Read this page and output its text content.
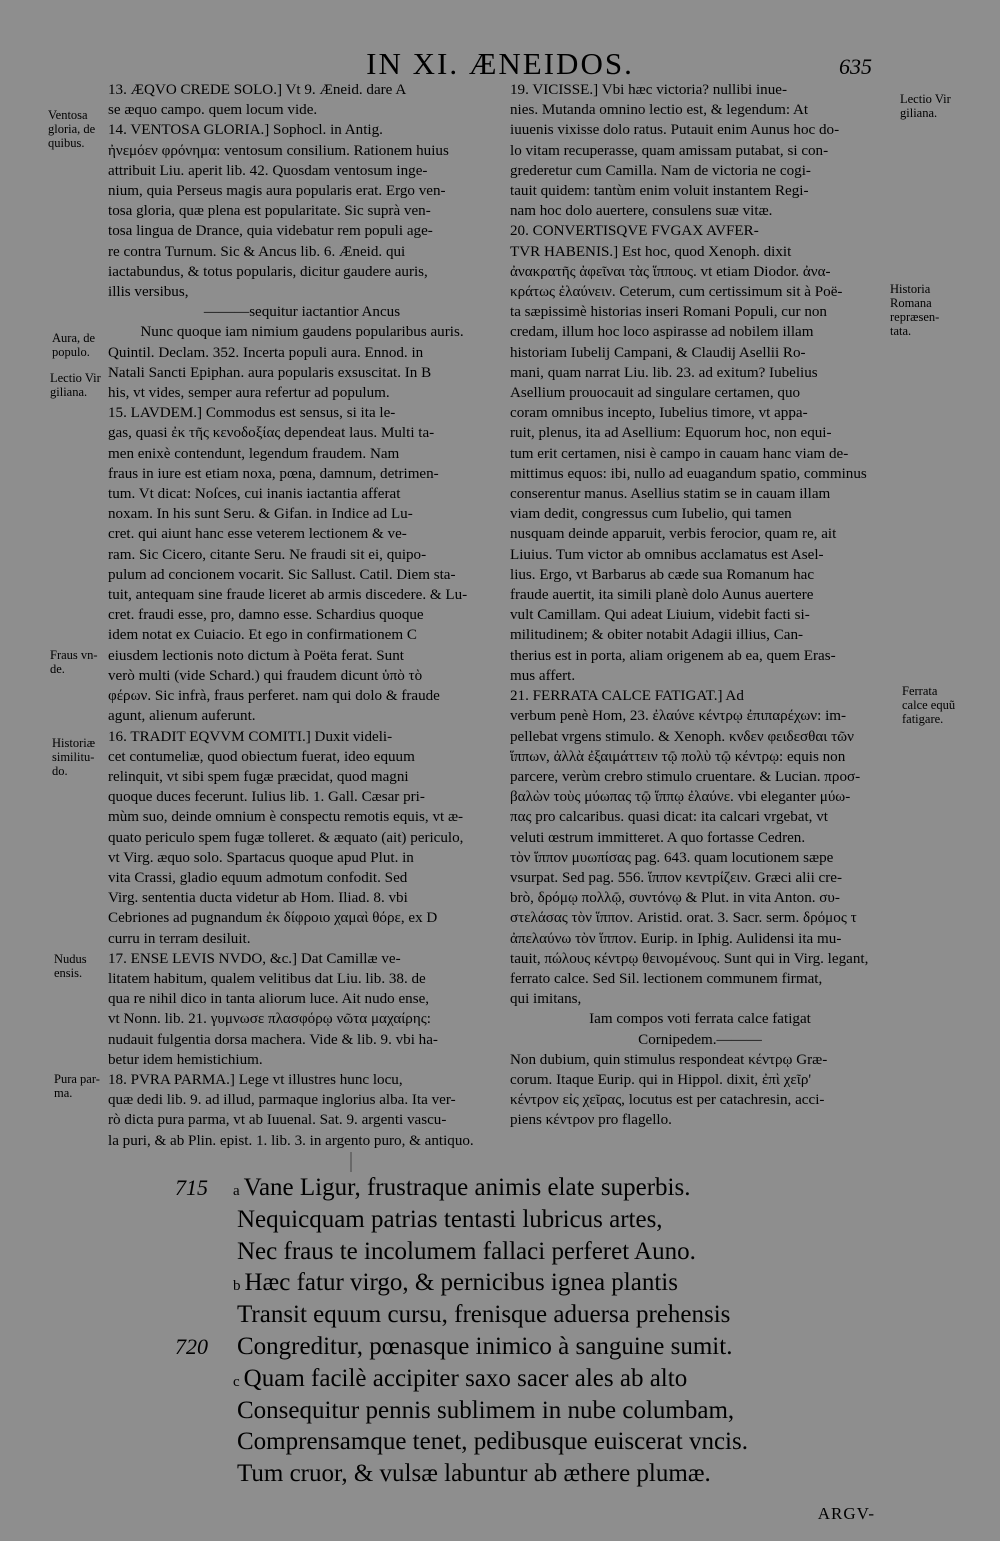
IN XI. ÆNEIDOS.	635

13. ÆQVO CREDE SOLO.] Vt 9. Æneid. dare A

se æquo campo. quem locum vide.

14. VENTOSA GLORIA.] Sophocl. in Antig.

ἠνεμόεν φρόνημα: ventosum consilium. Rationem huius

attribuit Liu. aperit lib. 42. Quosdam ventosum inge-

nium, quia Perseus magis aura popularis erat. Ergo ven-

tosa gloria, quæ plena est popularitate. Sic suprà ven-

tosa lingua de Drance, quia videbatur rem populi age-

re contra Turnum. Sic & Ancus lib. 6. Æneid. qui

iactabundus, & totus popularis, dicitur gaudere auris,

illis versibus,

———sequitur iactantior Ancus

Nunc quoque iam nimium gaudens popularibus auris.

Quintil. Declam. 352. Incerta populi aura. Ennod. in

Natali Sancti Epiphan. aura popularis exsuscitat. In B

his, vt vides, semper aura refertur ad populum.

15. LAVDEM.] Commodus est sensus, si ita le-

gas, quasi ἐκ τῆς κενοδοξίας dependeat laus. Multi ta-

men enixè contendunt, legendum fraudem. Nam

fraus in iure est etiam noxa, pœna, damnum, detrimen-

tum. Vt dicat: Noſces, cui inanis iactantia afferat

noxam. In his sunt Seru. & Gifan. in Indice ad Lu-

cret. qui aiunt hanc esse veterem lectionem & ve-

ram. Sic Cicero, citante Seru. Ne fraudi sit ei, quipo-

pulum ad concionem vocarit. Sic Sallust. Catil. Diem sta-

tuit, antequam sine fraude liceret ab armis discedere. & Lu-

cret. fraudi esse, pro, damno esse. Schardius quoque

idem notat ex Cuiacio. Et ego in confirmationem C

eiusdem lectionis noto dictum à Poëta ferat. Sunt

verò multi (vide Schard.) qui fraudem dicunt ὑπὸ τὸ

φέρων. Sic infrà, fraus perferet. nam qui dolo & fraude

agunt, alienum auferunt.

16. TRADIT EQVVM COMITI.] Duxit videli-

cet contumeliæ, quod obiectum fuerat, ideo equum

relinquit, vt sibi spem fugæ præcidat, quod magni

quoque duces fecerunt. Iulius lib. 1. Gall. Cæsar pri-

mùm suo, deinde omnium è conspectu remotis equis, vt æ-

quato periculo spem fugæ tolleret. & æquato (ait) periculo,

vt Virg. æquo solo. Spartacus quoque apud Plut. in

vita Crassi, gladio equum admotum confodit. Sed

Virg. sententia ducta videtur ab Hom. Iliad. 8. vbi

Cebriones ad pugnandum ἐκ δίφροιο χαμαὶ θόρε, ex D

curru in terram desiluit.

17. ENSE LEVIS NVDO, &c.] Dat Camillæ ve-

litatem habitum, qualem velitibus dat Liu. lib. 38. de

qua re nihil dico in tanta aliorum luce. Ait nudo ense,

vt Nonn. lib. 21. γυμνωσε πλασφόρῳ νῶτα μαχαίρης:

nudauit fulgentia dorsa machera. Vide & lib. 9. vbi ha-

betur idem hemistichium.

18. PVRA PARMA.] Lege vt illustres hunc locu,

quæ dedi lib. 9. ad illud, parmaque inglorius alba. Ita ver-

rò dicta pura parma, vt ab Iuuenal. Sat. 9. argenti vascu-

la puri, & ab Plin. epist. 1. lib. 3. in argento puro, & antiquo.

19. VICISSE.] Vbi hæc victoria? nullibi inue-

nies. Mutanda omnino lectio est, & legendum: At

iuuenis vixisse dolo ratus. Putauit enim Aunus hoc do-

lo vitam recuperasse, quam amissam putabat, si con-

grederetur cum Camilla. Nam de victoria ne cogi-

tauit quidem: tantùm enim voluit instantem Regi-

nam hoc dolo auertere, consulens suæ vitæ.

20. CONVERTISQVE FVGAX AVFER-

TVR HABENIS.] Est hoc, quod Xenoph. dixit

ἀνακρατῆς ἀφεῖναι τὰς ἵππους. vt etiam Diodor. ἀνα-

κράτως ἐλαύνειν. Ceterum, cum certissimum sit à Poë-

ta sæpissimè historias inseri Romani Populi, cur non

credam, illum hoc loco aspirasse ad nobilem illam

historiam Iubelij Campani, & Claudij Asellii Ro-

mani, quam narrat Liu. lib. 23. ad exitum? Iubelius

Asellium prouocauit ad singulare certamen, quo

coram omnibus incepto, Iubelius timore, vt appa-

ruit, plenus, ita ad Asellium: Equorum hoc, non equi-

tum erit certamen, nisi è campo in cauam hanc viam de-

mittimus equos: ibi, nullo ad euagandum spatio, comminus

conserentur manus. Asellius statim se in cauam illam

viam dedit, congressus cum Iubelio, qui tamen

nusquam deinde apparuit, verbis ferocior, quam re, ait

Liuius. Tum victor ab omnibus acclamatus est Asel-

lius. Ergo, vt Barbarus ab cæde sua Romanum hac

fraude auertit, ita simili planè dolo Aunus auertere

vult Camillam. Qui adeat Liuium, videbit facti si-

militudinem; & obiter notabit Adagii illius, Can-

therius est in porta, aliam origenem ab ea, quem Eras-

mus affert.

21. FERRATA CALCE FATIGAT.] Ad

verbum penè Hom, 23. ἐλαύνε κέντρῳ ἐπιπαρέχων: im-

pellebat vrgens stimulo. & Xenoph. κνδεν φειδεσθαι τῶν

ἵππων, ἀλλὰ ἐξαιμάττειν τῷ πολὺ τῷ κέντρῳ: equis non

parcere, verùm crebro stimulo cruentare. & Lucian. προσ-

βαλὼν τοὺς μύωπας τῷ ἵππῳ ἐλαύνε. vbi eleganter μύω-

πας pro calcaribus. quasi dicat: ita calcari vrgebat, vt

veluti œstrum immitteret. A quo fortasse Cedren.

τὸν ἵππον μυωπίσας pag. 643. quam locutionem sæpe

vsurpat. Sed pag. 556. ἵππον κεντρίζειν. Græci alii cre-

brò, δρόμῳ πολλῷ, συντόνῳ & Plut. in vita Anton. συ-

στελάσας τὸν ἵππον. Aristid. orat. 3. Sacr. serm. δρόμος τ

ἀπελαύνω τὸν ἵππον. Eurip. in Iphig. Aulidensi ita mu-

tauit, πώλους κέντρῳ θεινομένους. Sunt qui in Virg. legant,

ferrato calce. Sed Sil. lectionem communem firmat,

qui imitans,

Iam compos voti ferrata calce fatigat

Cornipedem.———

Non dubium, quin stimulus respondeat κέντρῳ Græ-

corum. Itaque Eurip. qui in Hippol. dixit, ἐπὶ χεῖρ'

κέντρον εἰς χεῖρας, locutus est per catachresin, acci-

piens κέντρον pro flagello.

Ventosa
gloria, de
quibus.
Aura, de
populo.
Lectio Vir
giliana.
Fraus vn-
de.
Historiæ
similitu-
do.
Nudus
ensis.
Pura par-
ma.
Lectio Vir
giliana.
Historia
Romana
repræsen-
tata.
Ferrata
calce equũ
fatigare.
715 a Vane Ligur, frustraque animis elate superbis.
Nequicquam patrias tentasti lubricus artes,
Nec fraus te incolumem fallaci perferet Auno.
b Hæc fatur virgo, & pernicibus ignea plantis
Transit equum cursu, frenisque aduersa prehensis
720 Congreditur, pœnasque inimico à sanguine sumit.
c Quam facilè accipiter saxo sacer ales ab alto
Consequitur pennis sublimem in nube columbam,
Comprensamque tenet, pedibusque euiscerat vncis.
Tum cruor, & vulsæ labuntur ab æthere plumæ.
ARGV-
